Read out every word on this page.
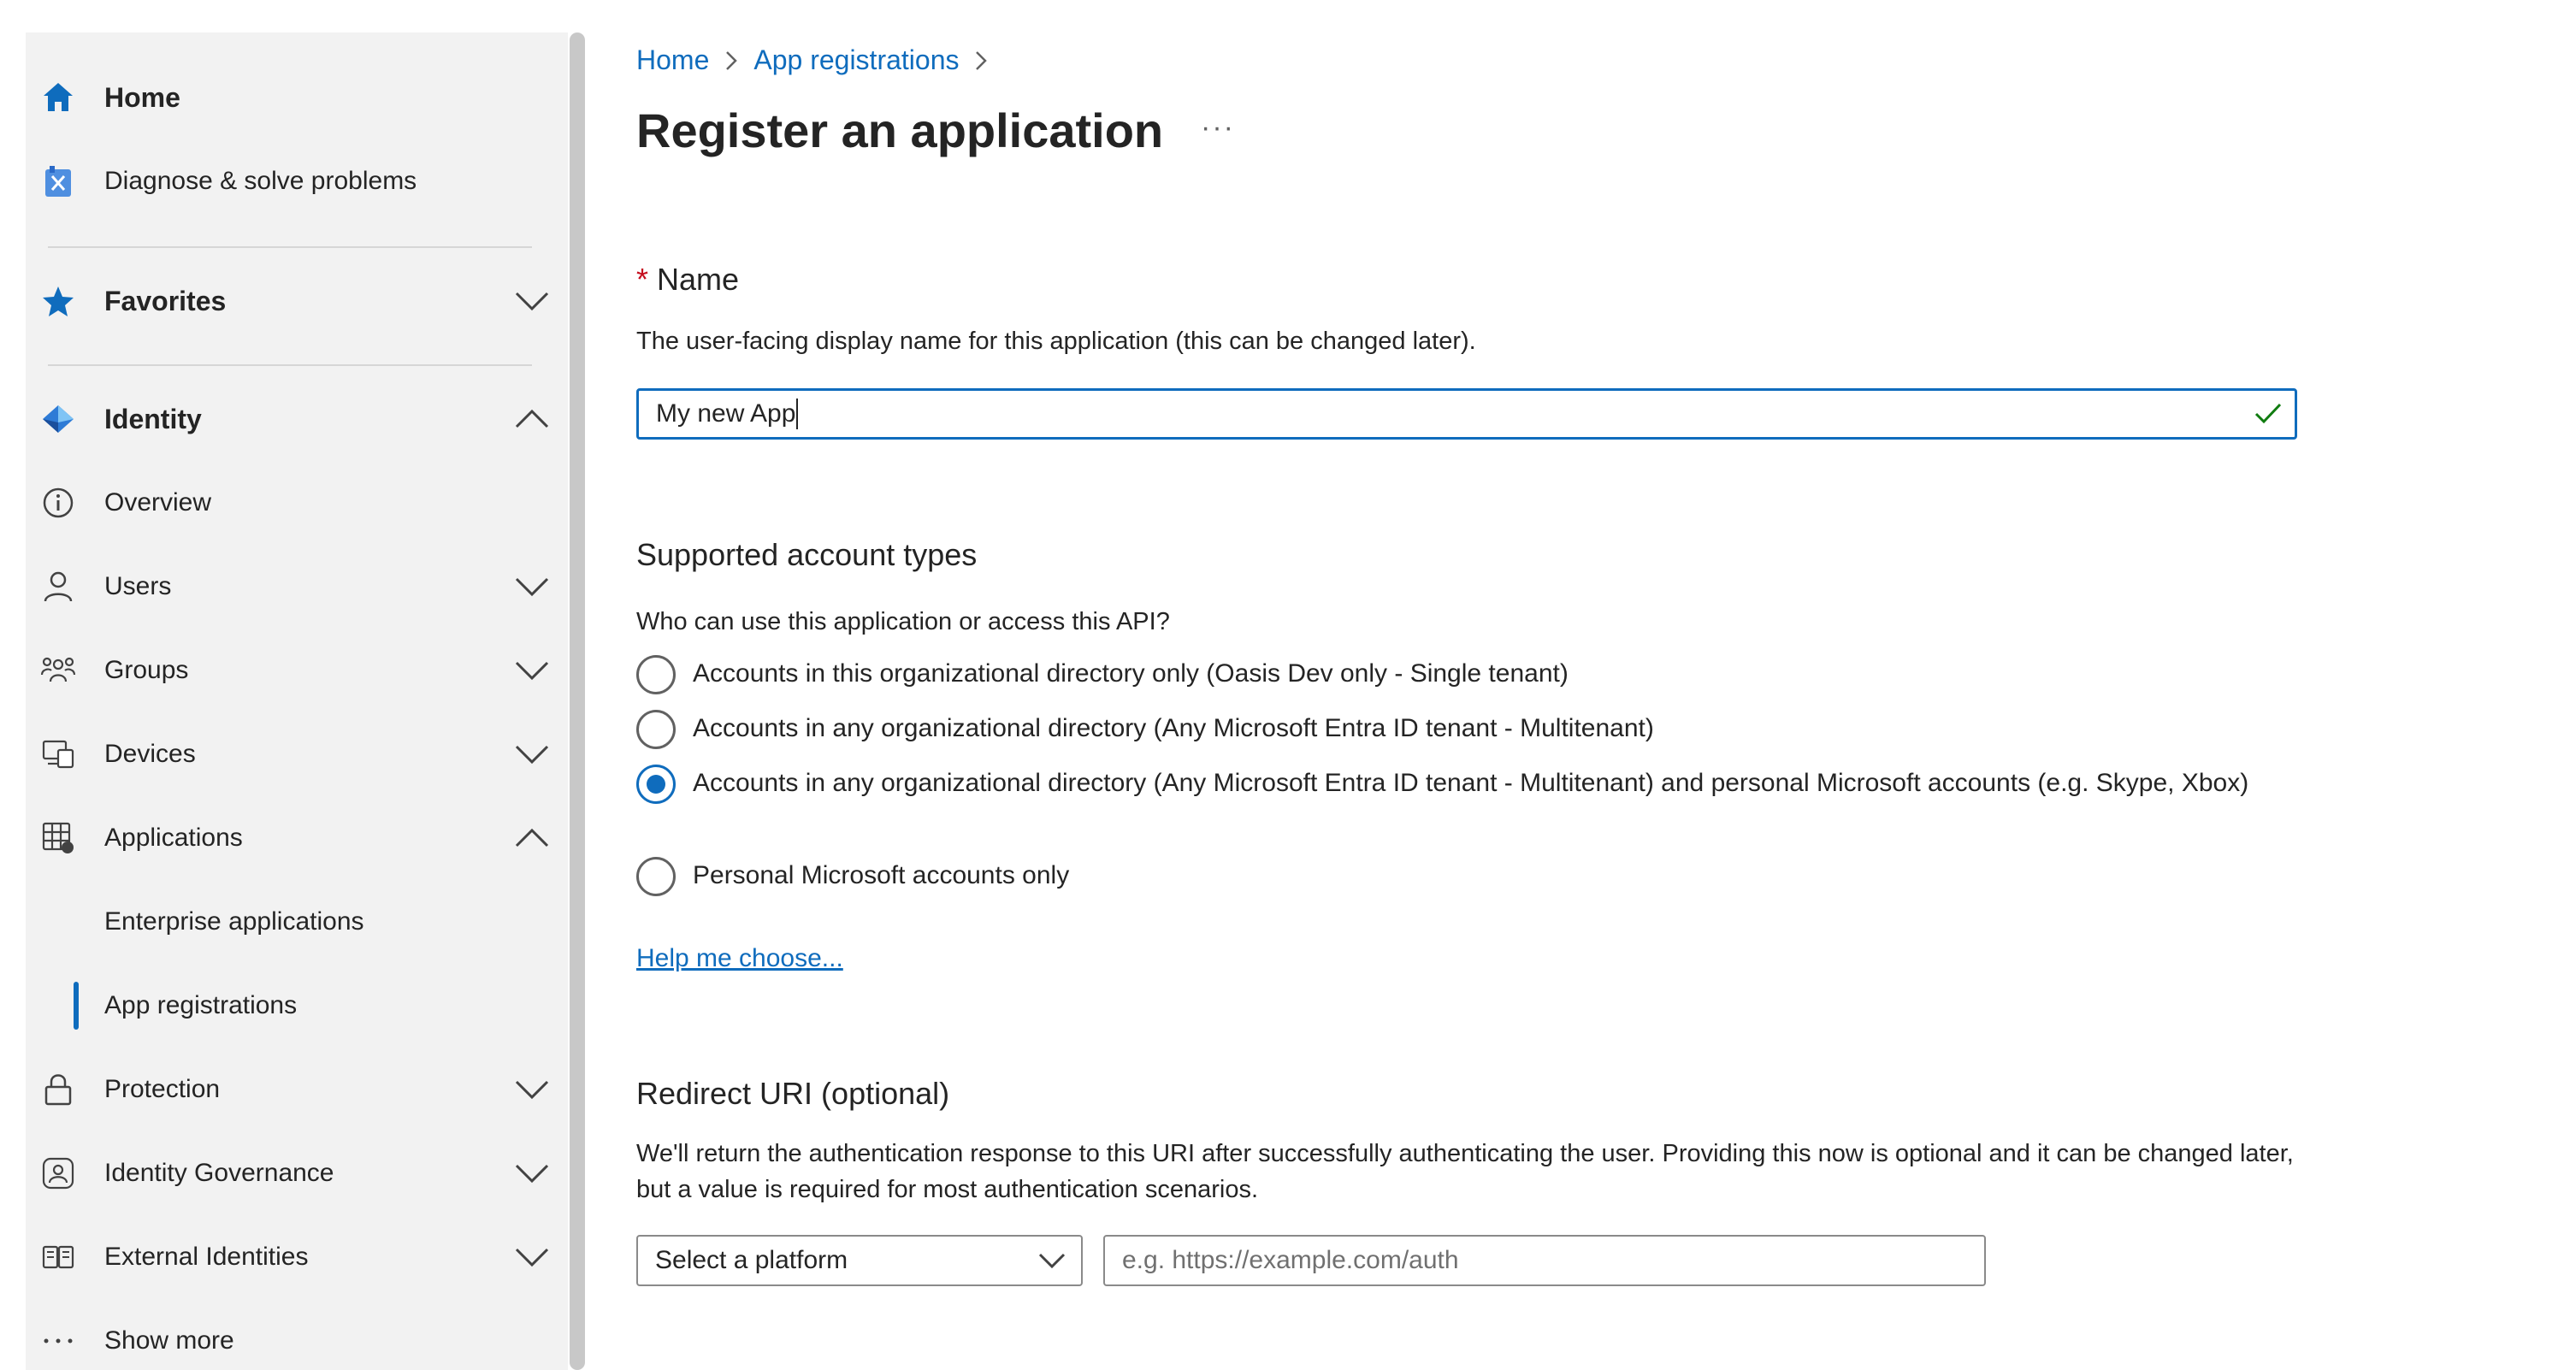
Home
Diagnose & solve problems
Favorites
Identity
Overview
Users
Groups
Devices
Applications
Enterprise applications
App registrations
Protection
Identity Governance
External Identities
Show more
Home App registrations
Register an application ···
* Name
The user-facing display name for this application (this can be changed later).
My new App
Supported account types
Who can use this application or access this API?
Accounts in this organizational directory only (Oasis Dev only - Single tenant)
Accounts in any organizational directory (Any Microsoft Entra ID tenant - Multitenant)
Accounts in any organizational directory (Any Microsoft Entra ID tenant - Multitenant) and personal Microsoft accounts (e.g. Skype, Xbox)
Personal Microsoft accounts only
Help me choose...
Redirect URI (optional)
We'll return the authentication response to this URI after successfully authenticating the user. Providing this now is optional and it can be changed later, but a value is required for most authentication scenarios.
Select a platform	e.g. https://example.com/auth
